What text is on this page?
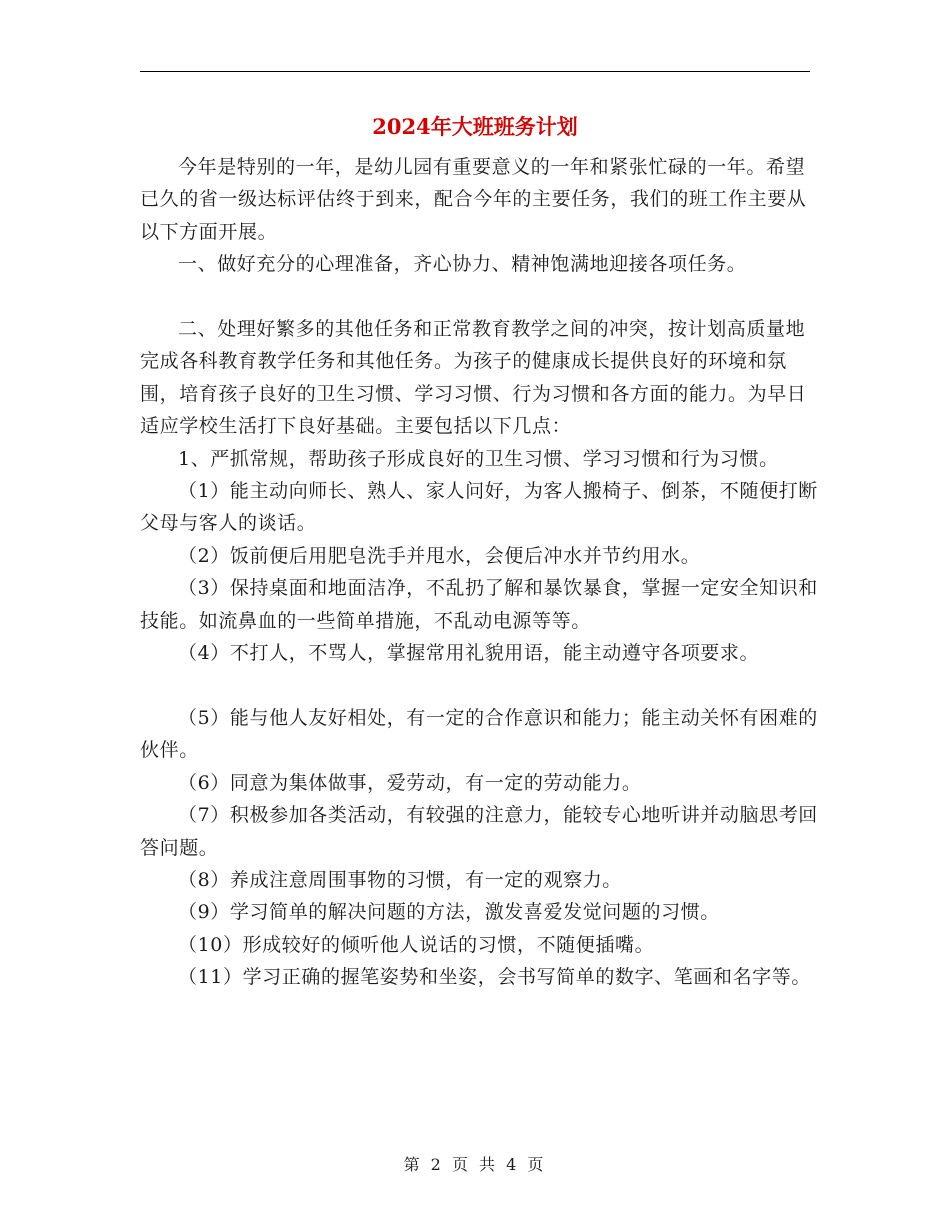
2024年大班班务计划

今年是特别的一年，是幼儿园有重要意义的一年和紧张忙碌的一年。希望已久的省一级达标评估终于到来，配合今年的主要任务，我们的班工作主要从以下方面开展。

一、做好充分的心理准备，齐心协力、精神饱满地迎接各项任务。

二、处理好繁多的其他任务和正常教育教学之间的冲突，按计划高质量地完成各科教育教学任务和其他任务。为孩子的健康成长提供良好的环境和氛围，培育孩子良好的卫生习惯、学习习惯、行为习惯和各方面的能力。为早日适应学校生活打下良好基础。主要包括以下几点：

1、严抓常规，帮助孩子形成良好的卫生习惯、学习习惯和行为习惯。

（1）能主动向师长、熟人、家人问好，为客人搬椅子、倒茶，不随便打断父母与客人的谈话。

（2）饭前便后用肥皂洗手并甩水，会便后冲水并节约用水。

（3）保持桌面和地面洁净，不乱扔了解和暴饮暴食，掌握一定安全知识和技能。如流鼻血的一些简单措施，不乱动电源等等。

（4）不打人，不骂人，掌握常用礼貌用语，能主动遵守各项要求。

（5）能与他人友好相处，有一定的合作意识和能力；能主动关怀有困难的伙伴。

（6）同意为集体做事，爱劳动，有一定的劳动能力。

（7）积极参加各类活动，有较强的注意力，能较专心地听讲并动脑思考回答问题。

（8）养成注意周围事物的习惯，有一定的观察力。

（9）学习简单的解决问题的方法，激发喜爱发觉问题的习惯。

（10）形成较好的倾听他人说话的习惯，不随便插嘴。

（11）学习正确的握笔姿势和坐姿，会书写简单的数字、笔画和名字等。

第 2 页 共 4 页
